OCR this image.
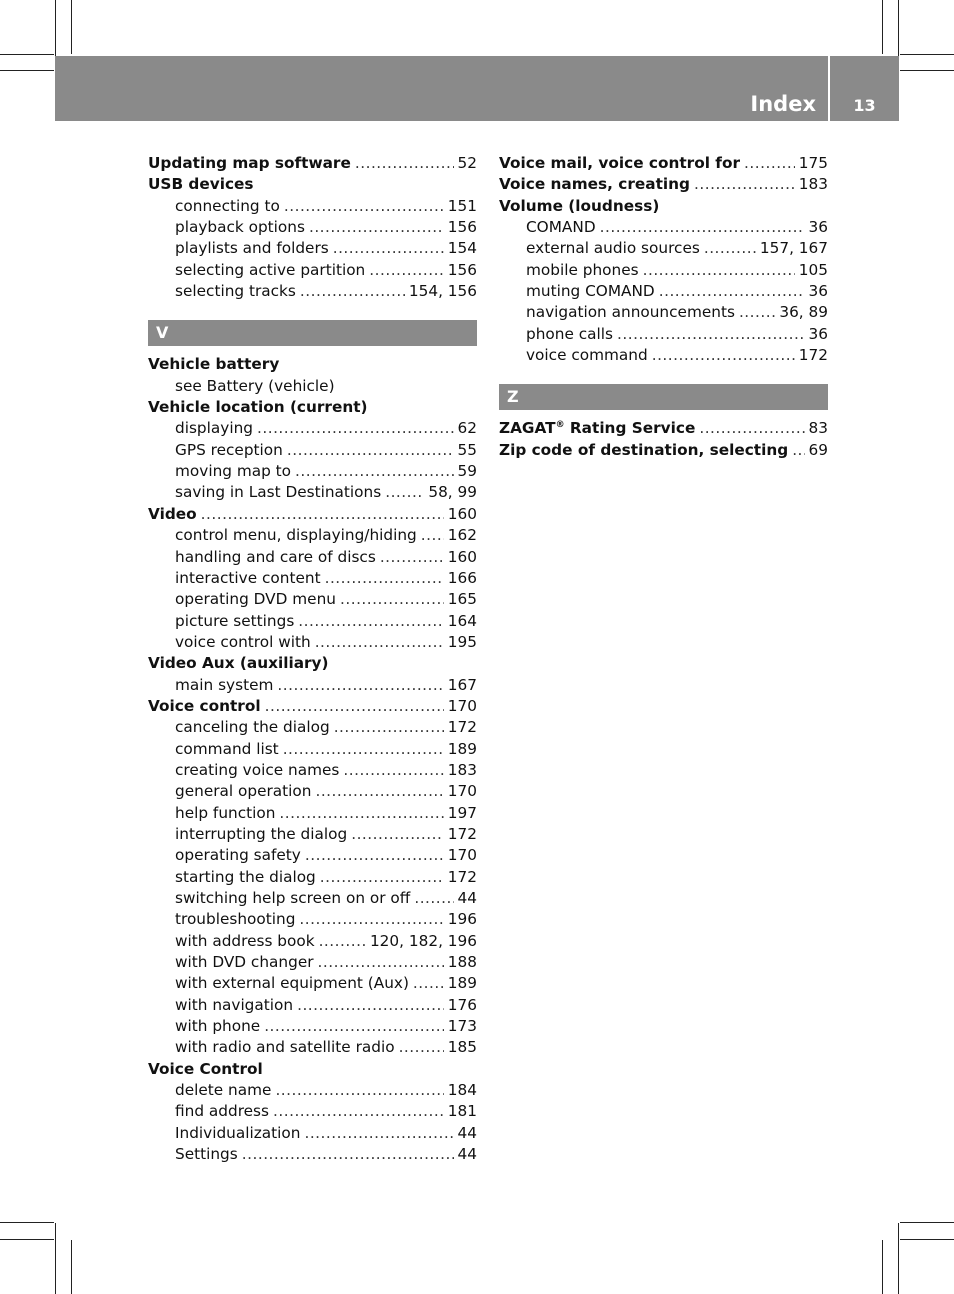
Index	13
Updating map software .....	52
USB devices
connecting to .....	151
playback options .....	156
playlists and folders .....	154
selecting active partition .....	156
selecting tracks .....	154, 156
V
Vehicle battery
see Battery (vehicle)
Vehicle location (current)
displaying .....	62
GPS reception .....	55
moving map to .....	59
saving in Last Destinations .....	58, 99
Video .....	160
control menu, displaying/hiding ..... 162
handling and care of discs .....	160
interactive content .....	166
operating DVD menu .....	165
picture settings .....	164
voice control with .....	195
Video Aux (auxiliary)
main system .....	167
Voice control .....	170
canceling the dialog .....	172
command list .....	189
creating voice names .....	183
general operation .....	170
help function .....	197
interrupting the dialog .....	172
operating safety .....	170
starting the dialog .....	172
switching help screen on or off .....	44
troubleshooting .....	196
with address book .....	120, 182, 196
with DVD changer .....	188
with external equipment (Aux) .....	189
with navigation .....	176
with phone .....	173
with radio and satellite radio .....	185
Voice Control
delete name .....	184
find address .....	181
Individualization .....	44
Settings .....	44
Voice mail, voice control for .....	175
Voice names, creating .....	183
Volume (loudness)
COMAND .....	36
external audio sources .....	157, 167
mobile phones .....	105
muting COMAND .....	36
navigation announcements .....	36, 89
phone calls .....	36
voice command .....	172
Z
ZAGAT® Rating Service .....	83
Zip code of destination, selecting ..... 69
